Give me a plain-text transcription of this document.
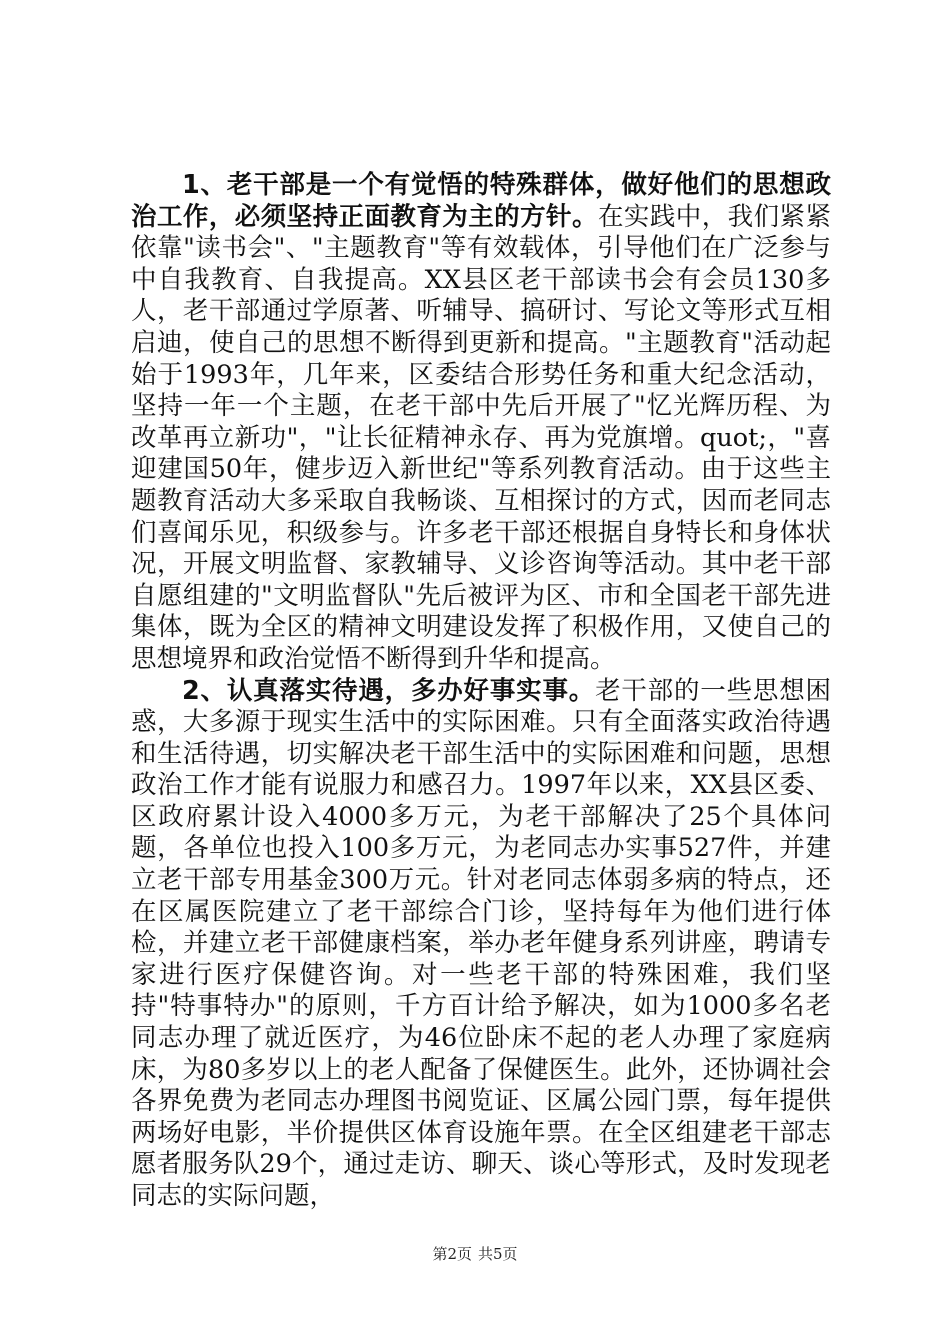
1、老干部是一个有觉悟的特殊群体，做好他们的思想政治工作，必须坚持正面教育为主的方针。在实践中，我们紧紧依靠"读书会"、"主题教育"等有效载体，引导他们在广泛参与中自我教育、自我提高。XX县区老干部读书会有会员130多人，老干部通过学原著、听辅导、搞研讨、写论文等形式互相启迪，使自己的思想不断得到更新和提高。"主题教育"活动起始于1993年，几年来，区委结合形势任务和重大纪念活动，坚持一年一个主题，在老干部中先后开展了"忆光辉历程、为改革再立新功"，"让长征精神永存、再为党旗增。quot;，"喜迎建国50年，健步迈入新世纪"等系列教育活动。由于这些主题教育活动大多采取自我畅谈、互相探讨的方式，因而老同志们喜闻乐见，积级参与。许多老干部还根据自身特长和身体状况，开展文明监督、家教辅导、义诊咨询等活动。其中老干部自愿组建的"文明监督队"先后被评为区、市和全国老干部先进集体，既为全区的精神文明建设发挥了积极作用，又使自己的思想境界和政治觉悟不断得到升华和提高。

2、认真落实待遇，多办好事实事。老干部的一些思想困惑，大多源于现实生活中的实际困难。只有全面落实政治待遇和生活待遇，切实解决老干部生活中的实际困难和问题，思想政治工作才能有说服力和感召力。1997年以来，XX县区委、区政府累计设入4000多万元，为老干部解决了25个具体问题，各单位也投入100多万元，为老同志办实事527件，并建立老干部专用基金300万元。针对老同志体弱多病的特点，还在区属医院建立了老干部综合门诊，坚持每年为他们进行体检，并建立老干部健康档案，举办老年健身系列讲座，聘请专家进行医疗保健咨询。对一些老干部的特殊困难，我们坚持"特事特办"的原则，千方百计给予解决，如为1000多名老同志办理了就近医疗，为46位卧床不起的老人办理了家庭病床，为80多岁以上的老人配备了保健医生。此外，还协调社会各界免费为老同志办理图书阅览证、区属公园门票，每年提供两场好电影，半价提供区体育设施年票。在全区组建老干部志愿者服务队29个，通过走访、聊天、谈心等形式，及时发现老同志的实际问题，

第2页 共5页
